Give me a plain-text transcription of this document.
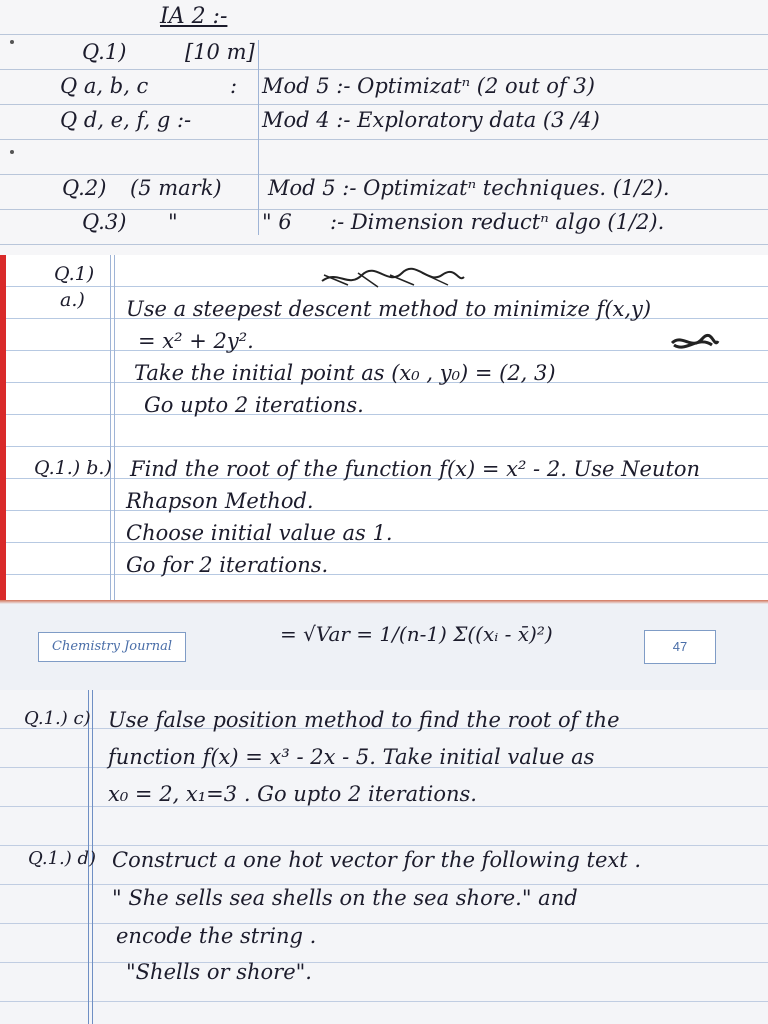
IA 2 :-
Q.1)	[10 m]
Q a, b, c	: Mod 5 :- Optimizatⁿ (2 out of 3)
Q d, e, f, g :-	Mod 4 :- Exploratory data (3 /4)
Q.2) (5 mark) Mod 5 :- Optimizatⁿ techniques. (1/2).
Q.3) "	" 6 :- Dimension reductⁿ algo (1/2).
Q.1)
a.) Use a steepest descent method to minimize f(x,y)
= x² + 2y².
Take the initial point as (x₀ , y₀) = (2, 3)
Go upto 2 iterations.
Q.1.) b.) Find the root of the function f(x) = x² - 2. Use Neuton
Rhapson Method.
Choose initial value as 1.
Go for 2 iterations.
Chemistry Journal
= √Var = 1/(n-1) Σ((xᵢ - x̄)²)
47
Q.1.) c) Use false position method to find the root of the
function f(x) = x³ - 2x - 5. Take initial value as
x₀ = 2, x₁=3 . Go upto 2 iterations.
Q.1.) d) Construct a one hot vector for the following text .
" She sells sea shells on the sea shore." and
encode the string .
"Shells or shore".
